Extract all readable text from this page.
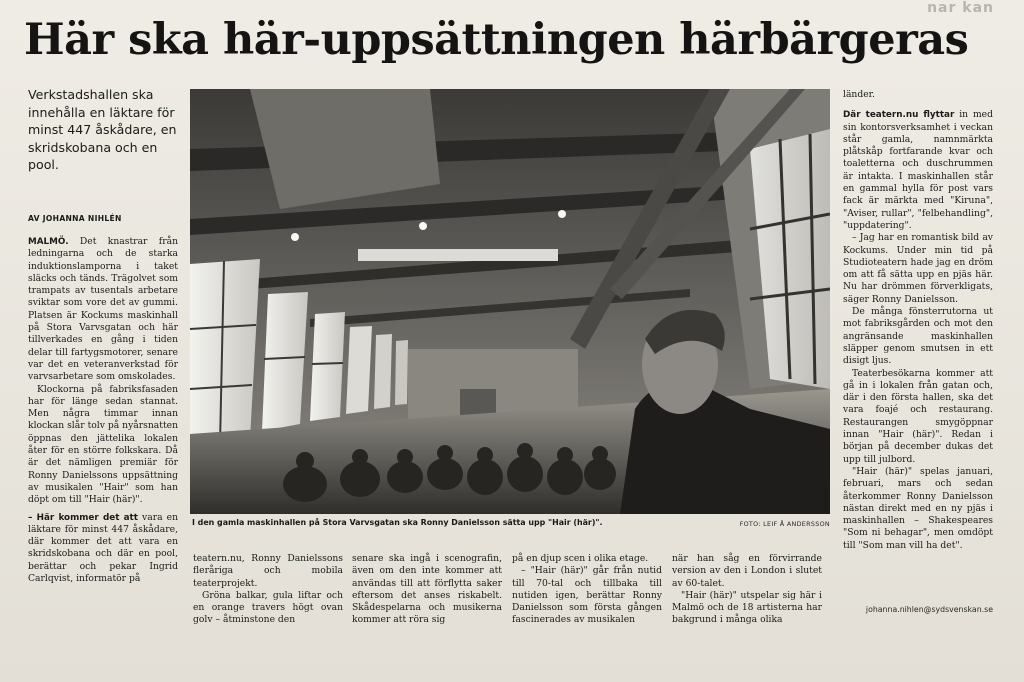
nar kan
Här ska här-uppsättningen härbärgeras
Verkstadshallen ska innehålla en läktare för minst 447 åskådare, en skridskobana och en pool.
AV JOHANNA NIHLÉN

MALMÖ. Det knastrar från ledningarna och de starka induktionslamporna i taket släcks och tänds. Trägolvet som trampats av tusentals arbetare sviktar som vore det av gummi. Platsen är Kockums maskinhall på Stora Varvsgatan och här tillverkades en gång i tiden delar till fartygsmotorer, senare var det en veteranverkstad för varvsarbetare som omskolades.

Klockorna på fabriksfasaden har för länge sedan stannat. Men några timmar innan klockan slår tolv på nyårsnatten öppnas den jättelika lokalen åter för en större folkskara. Då är det nämligen premiär för Ronny Danielssons uppsättning av musikalen "Hair" som han döpt om till "Hair (här)".

– Här kommer det att vara en läktare för minst 447 åskådare, där kommer det att vara en skridskobana och där en pool, berättar och pekar Ingrid Carlqvist, informatör på

I den gamla maskinhallen på Stora Varvsgatan ska Ronny Danielsson sätta upp "Hair (här)".	FOTO: LEIF Å ANDERSSON

teatern.nu, Ronny Danielssons fleråriga och mobila teaterprojekt.

Gröna balkar, gula liftar och en orange travers högt ovan golv – åtminstone den

senare ska ingå i scenografin, även om den inte kommer att användas till att förflytta saker eftersom det anses riskabelt. Skådespelarna och musikerna kommer att röra sig

på en djup scen i olika etage.

– "Hair (här)" går från nutid till 70-tal och tillbaka till nutiden igen, berättar Ronny Danielsson som första gången fascinerades av musikalen

när han såg en förvirrande version av den i London i slutet av 60-talet.

"Hair (här)" utspelar sig här i Malmö och de 18 artisterna har bakgrund i många olika

länder.

Där teatern.nu flyttar in med sin kontorsverksamhet i veckan står gamla, namnmärkta plåtskåp fortfarande kvar och toaletterna och duschrummen är intakta. I maskinhallen står en gammal hylla för post vars fack är märkta med "Kiruna", "Aviser, rullar", "felbehandling", "uppdatering".

– Jag har en romantisk bild av Kockums. Under min tid på Studioteatern hade jag en dröm om att få sätta upp en pjäs här. Nu har drömmen förverkligats, säger Ronny Danielsson.

De många fönsterrutorna ut mot fabriksgården och mot den angränsande maskinhallen släpper genom smutsen in ett disigt ljus.

Teaterbesökarna kommer att gå in i lokalen från gatan och, där i den första hallen, ska det vara foajé och restaurang. Restaurangen smygöppnar innan "Hair (här)". Redan i början på december dukas det upp till julbord.

"Hair (här)" spelas januari, februari, mars och sedan återkommer Ronny Danielsson nästan direkt med en ny pjäs i maskinhallen – Shakespeares "Som ni behagar", men omdöpt till "Som man vill ha det".

johanna.nihlen@sydsvenskan.se
